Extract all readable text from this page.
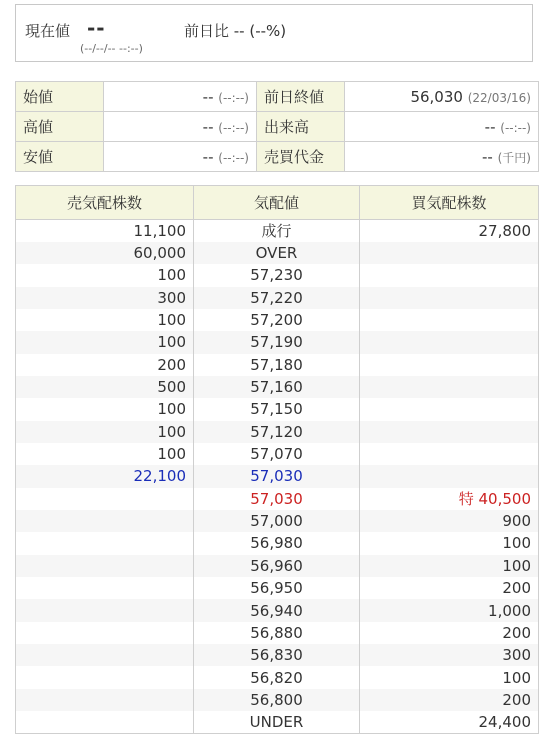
現在値 --
(--/--/-- --:--)
前日比 -- (--%)
始値	-- (--:--)	前日終値	56,030 (22/03/16)
高値	-- (--:--)	出来高	-- (--:--)
安値	-- (--:--)	売買代金	-- (千円)
売気配株数	気配値	買気配株数
11,100	成行	27,800
60,000	OVER	
100	57,230	
300	57,220	
100	57,200	
100	57,190	
200	57,180	
500	57,160	
100	57,150	
100	57,120	
100	57,070	
22,100	57,030	
	57,030	特 40,500
	57,000	900
	56,980	100
	56,960	100
	56,950	200
	56,940	1,000
	56,880	200
	56,830	300
	56,820	100
	56,800	200
	UNDER	24,400
